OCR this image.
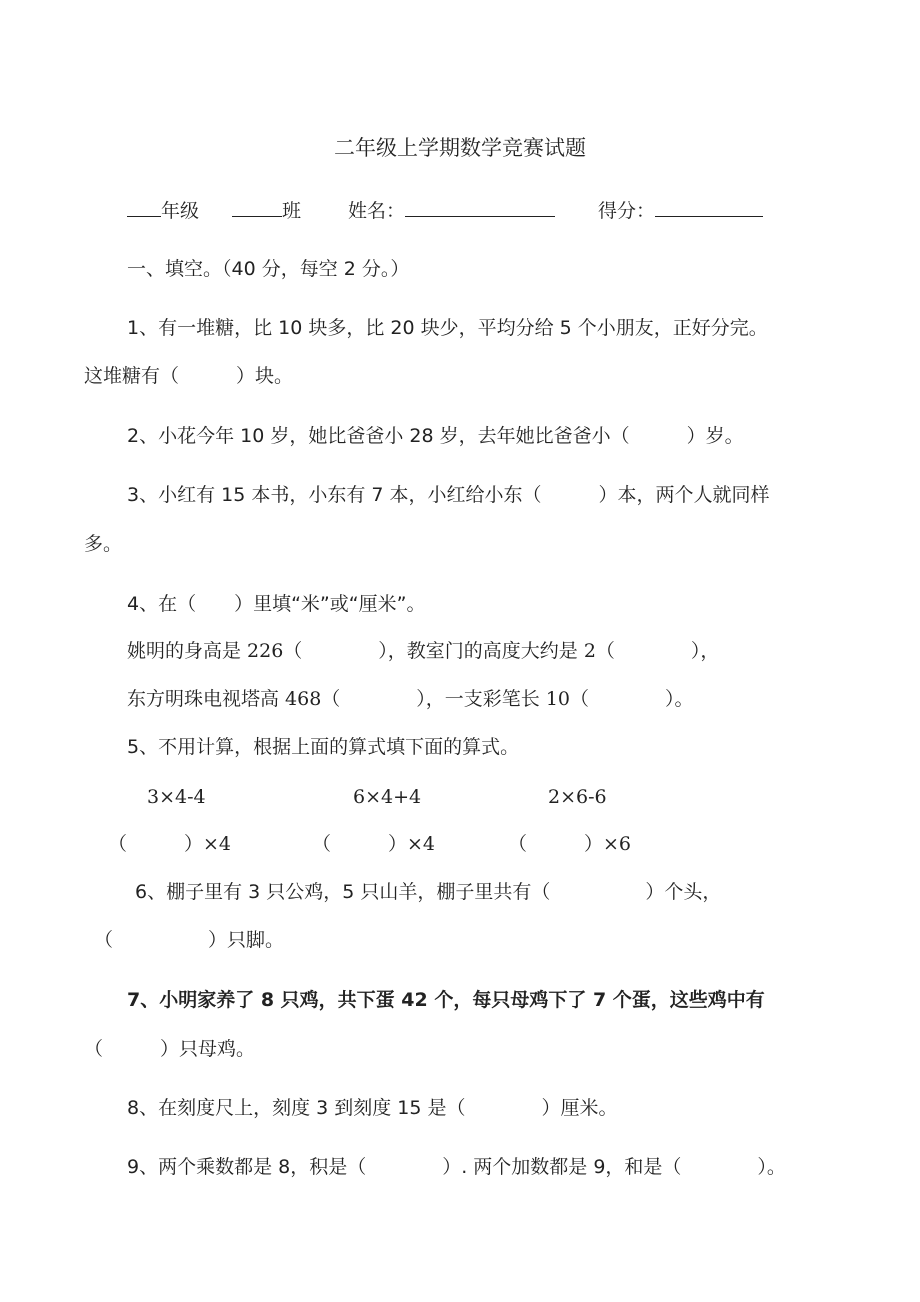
二年级上学期数学竞赛试题
年级	班 姓名：	得分：
一、填空。（40 分，每空 2 分。）
1、有一堆糖，比 10 块多，比 20 块少，平均分给 5 个小朋友，正好分完。
这堆糖有（　　　）块。
2、小花今年 10 岁，她比爸爸小 28 岁，去年她比爸爸小（　　　）岁。
3、小红有 15 本书，小东有 7 本，小红给小东（　　　）本，两个人就同样
多。
4、在（　　）里填“米”或“厘米”。
姚明的身高是 226（　　　　），教室门的高度大约是 2（　　　　），
东方明珠电视塔高 468（　　　　），一支彩笔长 10（　　　　）。
5、不用计算，根据上面的算式填下面的算式。
3×4-4	6×4+4	2×6-6
（　　　）×4	（　　　）×4	（　　　）×6
6、棚子里有 3 只公鸡，5 只山羊，棚子里共有（　　　　　）个头，
（　　　　　）只脚。
7、小明家养了 8 只鸡，共下蛋 42 个，每只母鸡下了 7 个蛋，这些鸡中有
（　　　）只母鸡。
8、在刻度尺上，刻度 3 到刻度 15 是（　　　　）厘米。
9、两个乘数都是 8，积是（　　　　）. 两个加数都是 9，和是（　　　　）。
